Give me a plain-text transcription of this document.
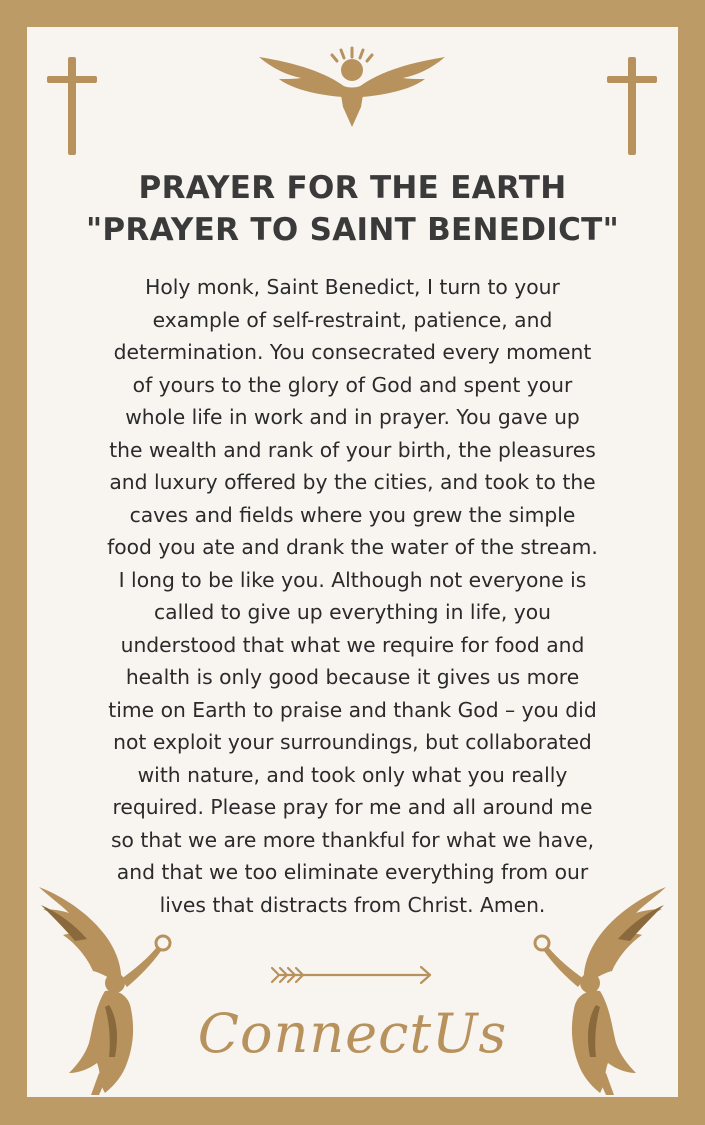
PRAYER FOR THE EARTH
"PRAYER TO SAINT BENEDICT"
Holy monk, Saint Benedict, I turn to your
example of self-restraint, patience, and
determination. You consecrated every moment
of yours to the glory of God and spent your
whole life in work and in prayer. You gave up
the wealth and rank of your birth, the pleasures
and luxury offered by the cities, and took to the
caves and fields where you grew the simple
food you ate and drank the water of the stream.
I long to be like you. Although not everyone is
called to give up everything in life, you
understood that what we require for food and
health is only good because it gives us more
time on Earth to praise and thank God – you did
not exploit your surroundings, but collaborated
with nature, and took only what you really
required. Please pray for me and all around me
so that we are more thankful for what we have,
and that we too eliminate everything from our
lives that distracts from Christ. Amen.
ConnectUs
